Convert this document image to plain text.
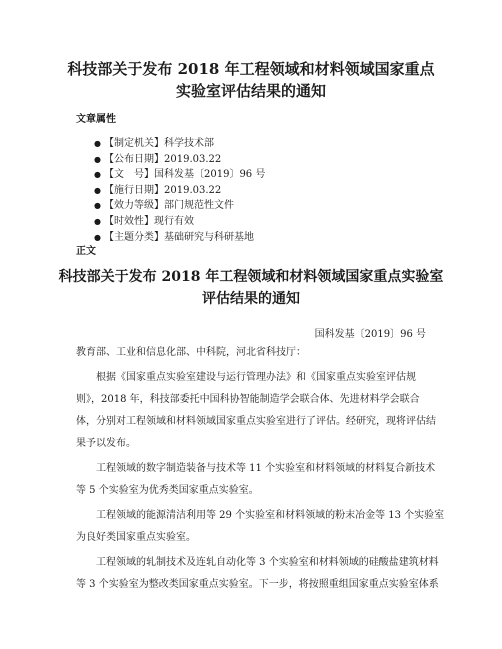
科技部关于发布 2018 年工程领域和材料领域国家重点
实验室评估结果的通知
文章属性
● 【制定机关】科学技术部
● 【公布日期】2019.03.22
● 【文　号】国科发基〔2019〕96 号
● 【施行日期】2019.03.22
● 【效力等级】部门规范性文件
● 【时效性】现行有效
● 【主题分类】基础研究与科研基地
正文
科技部关于发布 2018 年工程领域和材料领域国家重点实验室
评估结果的通知
国科发基〔2019〕96 号

教育部、工业和信息化部、中科院，河北省科技厅：

根据《国家重点实验室建设与运行管理办法》和《国家重点实验室评估规

则》，2018 年，科技部委托中国科协智能制造学会联合体、先进材料学会联合

体，分别对工程领域和材料领域国家重点实验室进行了评估。经研究，现将评估结

果予以发布。

工程领域的数字制造装备与技术等 11 个实验室和材料领域的材料复合新技术

等 5 个实验室为优秀类国家重点实验室。

工程领域的能源清洁利用等 29 个实验室和材料领域的粉末冶金等 13 个实验室

为良好类国家重点实验室。

工程领域的轧制技术及连轧自动化等 3 个实验室和材料领域的硅酸盐建筑材料

等 3 个实验室为整改类国家重点实验室。下一步，将按照重组国家重点实验室体系
